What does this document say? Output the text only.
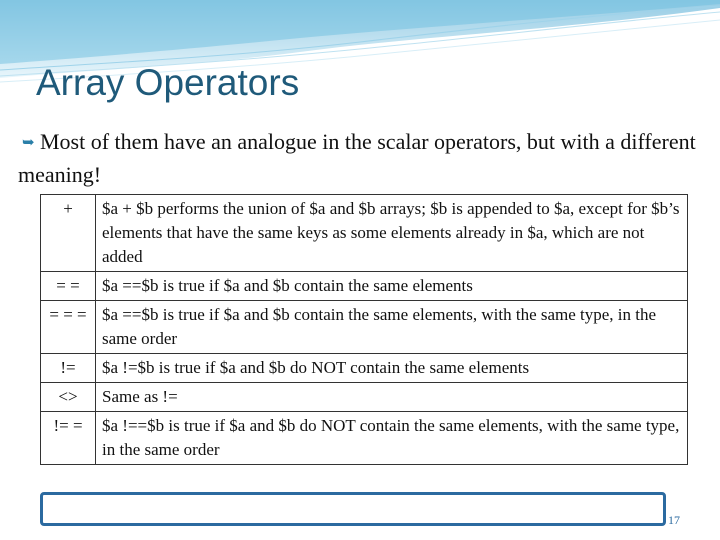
Array Operators
➥ Most of them have an analogue in the scalar operators, but with a different meaning!
+	$a + $b performs the union of $a and $b arrays; $b is appended to $a, except for $b’s elements that have the same keys as some elements already in $a, which are not added
= =	$a ==$b is true if $a and $b contain the same elements
= = =	$a ==$b is true if $a and $b contain the same elements, with the same type, in the same order
!=	$a !=$b is true if $a and $b do NOT contain the same elements
<>	Same as !=
!= =	$a !==$b is true if $a and $b do NOT contain the same elements, with the same type, in the same order
17
